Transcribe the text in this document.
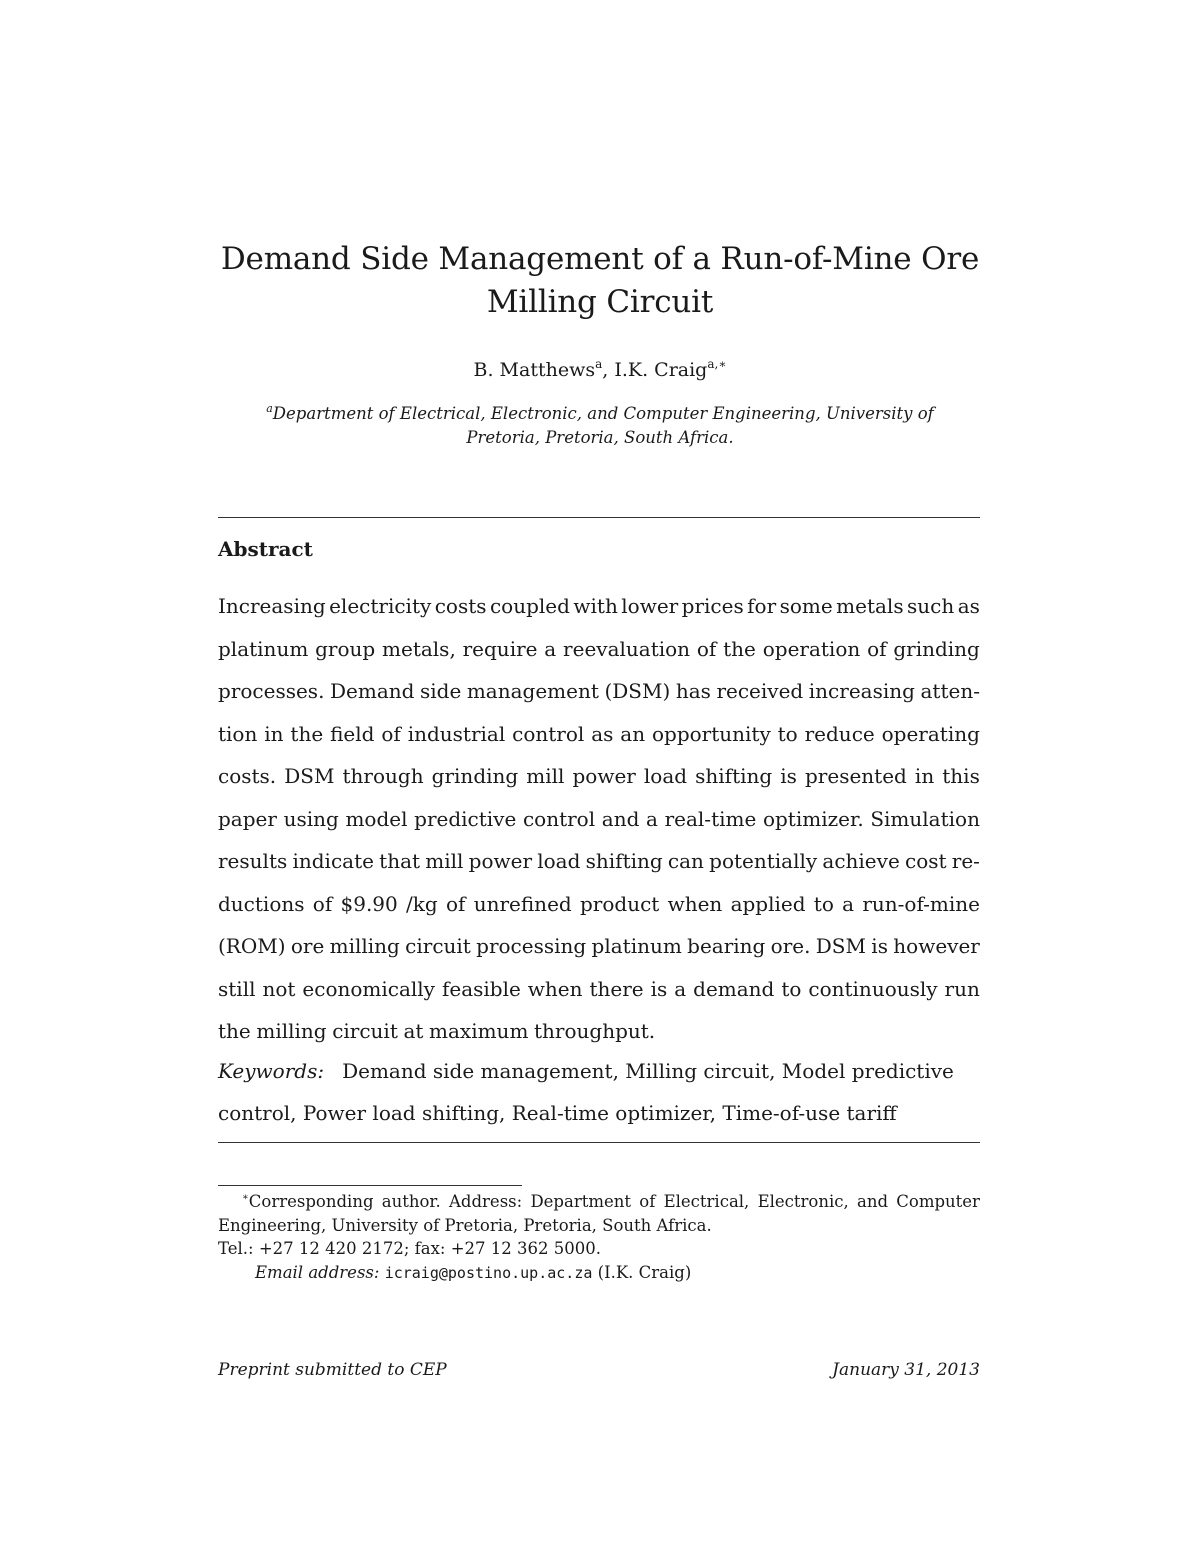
Demand Side Management of a Run-of-Mine Ore
Milling Circuit
B. Matthews$^a$, I.K. Craig$^{a,∗}$
$^a$Department of Electrical, Electronic, and Computer Engineering, University of
Pretoria, Pretoria, South Africa.
Abstract
Increasing electricity costs coupled with lower prices for some metals such as
platinum group metals, require a reevaluation of the operation of grinding
processes. Demand side management (DSM) has received increasing atten-
tion in the field of industrial control as an opportunity to reduce operating
costs. DSM through grinding mill power load shifting is presented in this
paper using model predictive control and a real-time optimizer. Simulation
results indicate that mill power load shifting can potentially achieve cost re-
ductions of $9.90 /kg of unrefined product when applied to a run-of-mine
(ROM) ore milling circuit processing platinum bearing ore. DSM is however
still not economically feasible when there is a demand to continuously run
the milling circuit at maximum throughput.
Keywords: Demand side management, Milling circuit, Model predictive
control, Power load shifting, Real-time optimizer, Time-of-use tariff
∗Corresponding author. Address: Department of Electrical, Electronic, and Computer
Engineering, University of Pretoria, Pretoria, South Africa.
Tel.: +27 12 420 2172; fax: +27 12 362 5000.
Email address: icraig@postino.up.ac.za (I.K. Craig)
Preprint submitted to CEP	January 31, 2013
